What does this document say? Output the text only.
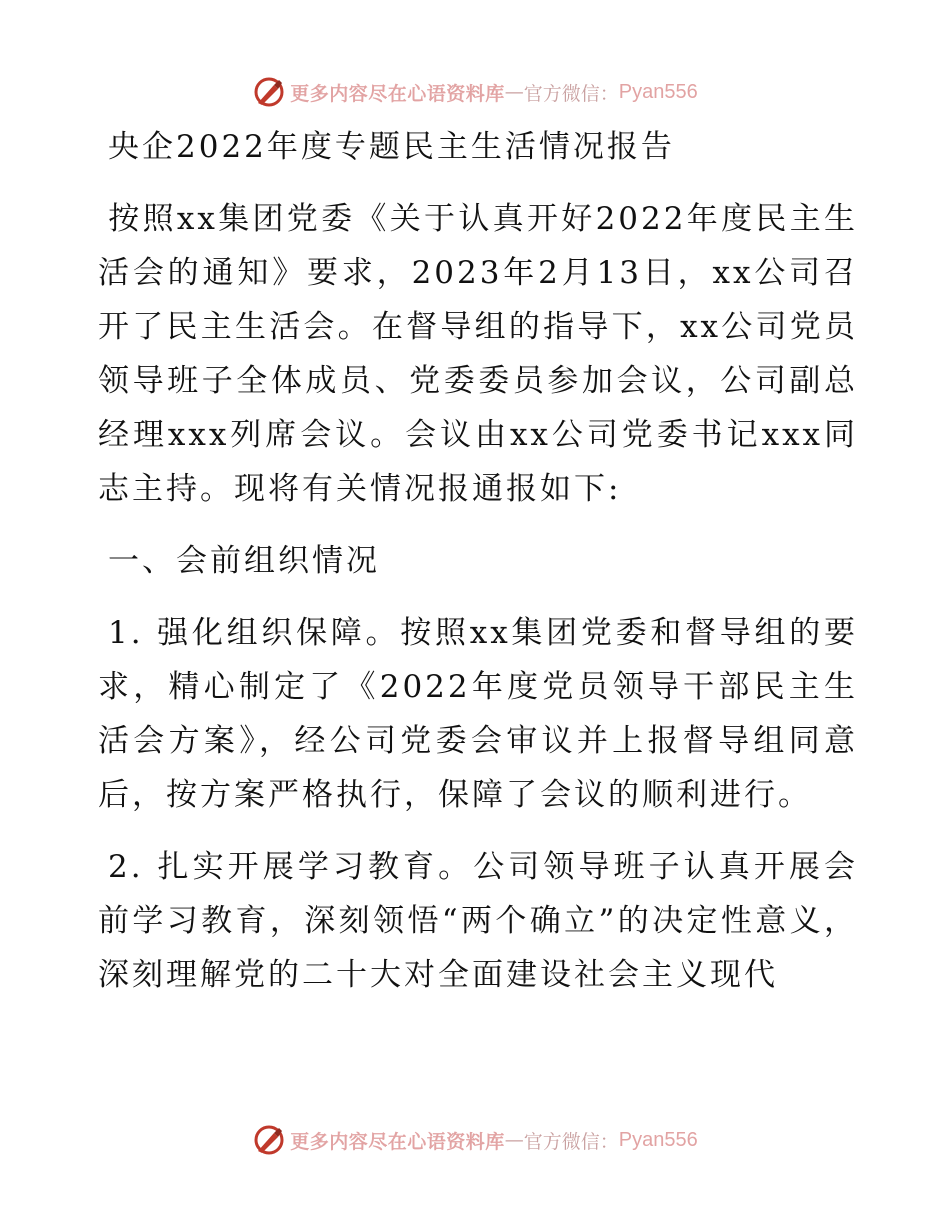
更多内容尽在心语资料库 — 官方微信： Pyan556
央企2022年度专题民主生活情况报告

按照xx集团党委《关于认真开好2022年度民主生活会的通知》要求，2023年2月13日，xx公司召开了民主生活会。在督导组的指导下，xx公司党员领导班子全体成员、党委委员参加会议，公司副总经理xxx列席会议。会议由xx公司党委书记xxx同志主持。现将有关情况报通报如下:

一、会前组织情况

1. 强化组织保障。按照xx集团党委和督导组的要求，精心制定了《2022年度党员领导干部民主生活会方案》，经公司党委会审议并上报督导组同意后，按方案严格执行，保障了会议的顺利进行。

2. 扎实开展学习教育。公司领导班子认真开展会前学习教育，深刻领悟“两个确立”的决定性意义，深刻理解党的二十大对全面建设社会主义现代

更多内容尽在心语资料库 — 官方微信： Pyan556
